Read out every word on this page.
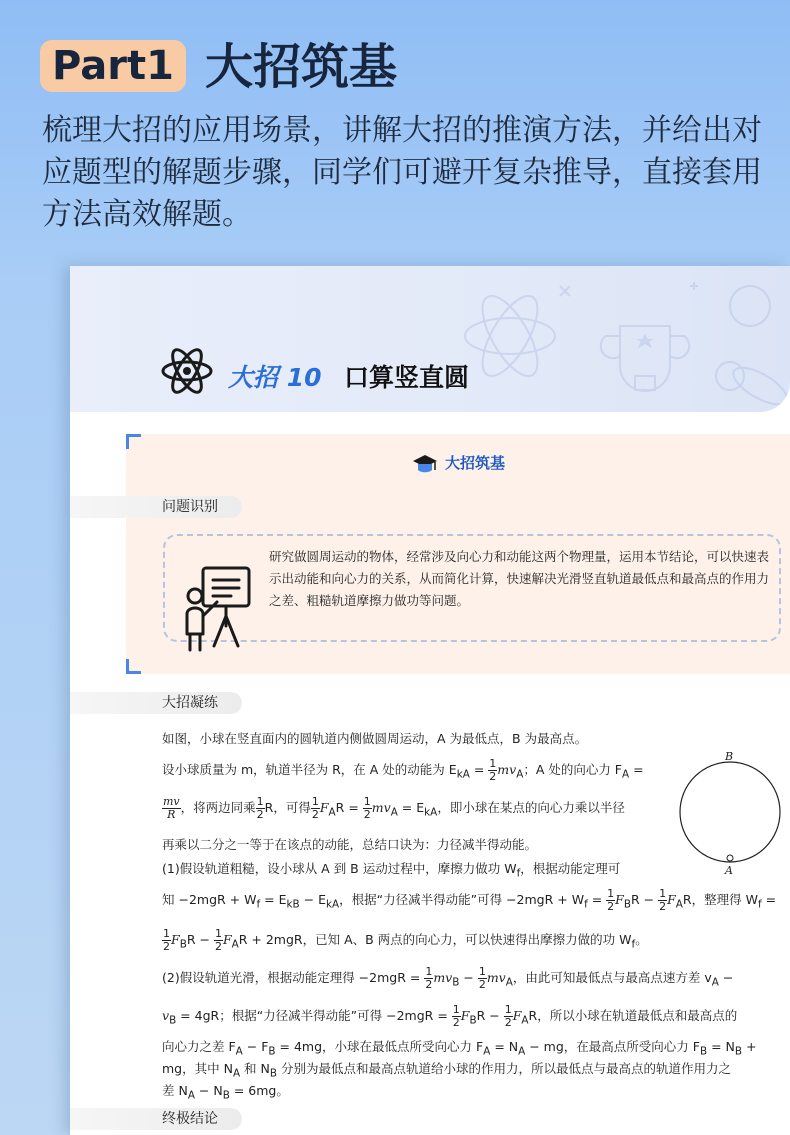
Part1 大招筑基
梳理大招的应用场景，讲解大招的推演方法，并给出对应题型的解题步骤，同学们可避开复杂推导，直接套用方法高效解题。
大招 10 口算竖直圆
大招筑基
问题识别
研究做圆周运动的物体，经常涉及向心力和动能这两个物理量，运用本节结论，可以快速表示出动能和向心力的关系，从而简化计算，快速解决光滑竖直轨道最低点和最高点的作用力之差、粗糙轨道摩擦力做功等问题。
大招凝练
B
A
如图，小球在竖直面内的圆轨道内侧做圆周运动，A 为最低点，B 为最高点。
设小球质量为 m，轨道半径为 R，在 A 处的动能为 $E_{kA} = \frac{1}{2} mv_A$；A 处的向心力 $F_A$ =
$\frac{mv}{R}$ ，将两边同乘 $\frac{1}{2}$ R，可得 $\frac{1}{2} F_AR = \frac{1}{2} mv_A = E_{kA}$，即小球在某点的向心力乘以半径
再乘以二分之一等于在该点的动能，总结口诀为：力径减半得动能。
(1)假设轨道粗糙，设小球从 A 到 B 运动过程中，摩擦力做功 $W_f$，根据动能定理可
知 $-2mgR + W_f = E_{kB} - E_{kA}$，根据“力径减半得动能”可得 $-2mgR + W_f = \frac{1}{2} F_BR - \frac{1}{2} F_AR$，整理得 $W_f$ =
$\frac{1}{2} F_BR - \frac{1}{2} F_AR + 2mgR$，已知 A、B 两点的向心力，可以快速得出摩擦力做的功 $W_f$。
(2)假设轨道光滑，根据动能定理得 $-2mgR = \frac{1}{2} mv_B - \frac{1}{2} mv_A$，由此可知最低点与最高点速方差 $v_A$ −
$v_B = 4gR$；根据“力径减半得动能”可得 $-2mgR = \frac{1}{2} F_BR - \frac{1}{2} F_AR$，所以小球在轨道最低点和最高点的
向心力之差 $F_A - F_B = 4mg$，小球在最低点所受向心力 $F_A = N_A$ − mg，在最高点所受向心力 $F_B = N_B$ +
mg，其中 $N_A$ 和 $N_B$ 分别为最低点和最高点轨道给小球的作用力，所以最低点与最高点的轨道作用力之
差 $N_A - N_B = 6mg$。
终极结论
